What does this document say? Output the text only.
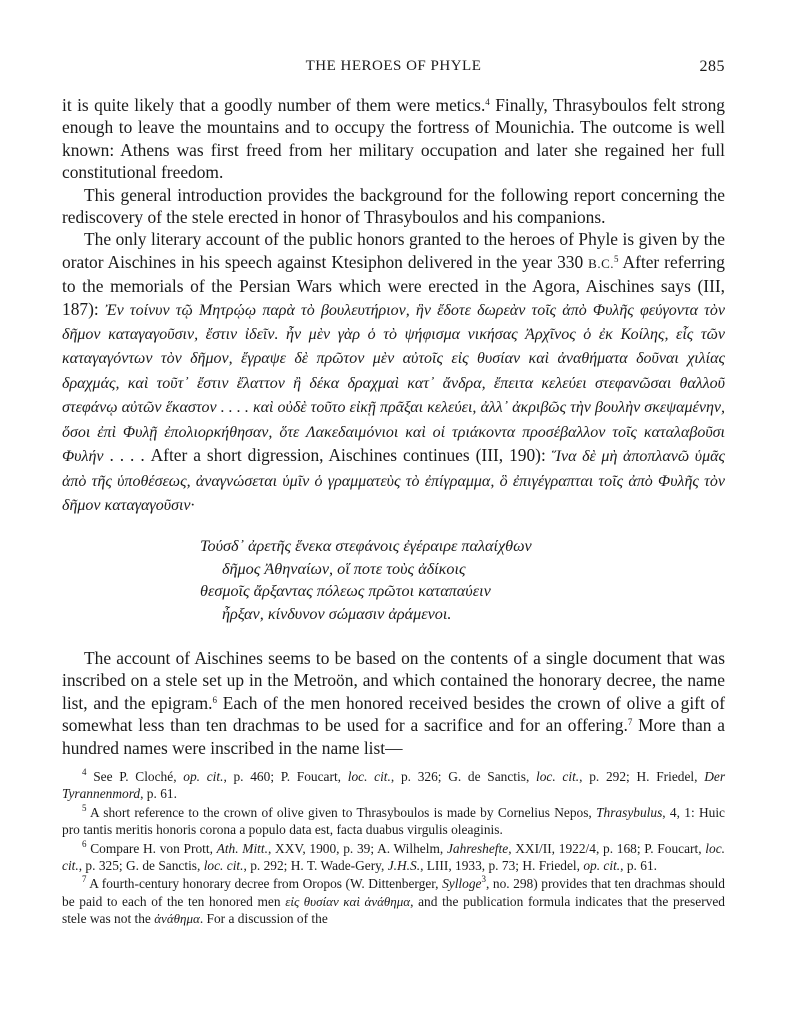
THE HEROES OF PHYLE	285

it is quite likely that a goodly number of them were metics.$^4$ Finally, Thrasyboulos felt strong enough to leave the mountains and to occupy the fortress of Mounichia. The outcome is well known: Athens was first freed from her military occupation and later she regained her full constitutional freedom.

This general introduction provides the background for the following report concerning the rediscovery of the stele erected in honor of Thrasyboulos and his companions.

The only literary account of the public honors granted to the heroes of Phyle is given by the orator Aischines in his speech against Ktesiphon delivered in the year 330 B.C.$^5$ After referring to the memorials of the Persian Wars which were erected in the Agora, Aischines says (III, 187): Ἐν τοίνυν τῷ Μητρῴῳ παρὰ τὸ βουλευτήριον, ἣν ἔδοτε δωρεὰν τοῖς ἀπὸ Φυλῆς φεύγοντα τὸν δῆμον καταγαγοῦσιν, ἔστιν ἰδεῖν. ἦν μὲν γὰρ ὁ τὸ ψήφισμα νικήσας Ἀρχῖνος ὁ ἐκ Κοίλης, εἷς τῶν καταγαγόντων τὸν δῆμον, ἔγραψε δὲ πρῶτον μὲν αὐτοῖς εἰς θυσίαν καὶ ἀναθήματα δοῦναι χιλίας δραχμάς, καὶ τοῦτ᾽ ἔστιν ἔλαττον ἢ δέκα δραχμαὶ κατ᾽ ἄνδρα, ἔπειτα κελεύει στεφανῶσαι θαλλοῦ στεφάνῳ αὐτῶν ἕκαστον . . . . καὶ οὐδὲ τοῦτο εἰκῇ πρᾶξαι κελεύει, ἀλλ᾽ ἀκριβῶς τὴν βουλὴν σκεψαμένην, ὅσοι ἐπὶ Φυλῇ ἐπολιορκήθησαν, ὅτε Λακεδαιμόνιοι καὶ οἱ τριάκοντα προσέβαλλον τοῖς καταλαβοῦσι Φυλήν . . . . After a short digression, Aischines continues (III, 190): Ἵνα δὲ μὴ ἀποπλανῶ ὑμᾶς ἀπὸ τῆς ὑποθέσεως, ἀναγνώσεται ὑμῖν ὁ γραμματεὺς τὸ ἐπίγραμμα, ὃ ἐπιγέγραπται τοῖς ἀπὸ Φυλῆς τὸν δῆμον καταγαγοῦσιν·

Τούσδ᾽ ἀρετῆς ἕνεκα στεφάνοις ἐγέραιρε παλαίχθων
δῆμος Ἀθηναίων, οἵ ποτε τοὺς ἀδίκοις
θεσμοῖς ἄρξαντας πόλεως πρῶτοι καταπαύειν
ἦρξαν, κίνδυνον σώμασιν ἀράμενοι.

The account of Aischines seems to be based on the contents of a single document that was inscribed on a stele set up in the Metroön, and which contained the honorary decree, the name list, and the epigram.$^6$ Each of the men honored received besides the crown of olive a gift of somewhat less than ten drachmas to be used for a sacrifice and for an offering.$^7$ More than a hundred names were inscribed in the name list—

$^4$ See P. Cloché, op. cit., p. 460; P. Foucart, loc. cit., p. 326; G. de Sanctis, loc. cit., p. 292; H. Friedel, Der Tyrannenmord, p. 61.

$^5$ A short reference to the crown of olive given to Thrasyboulos is made by Cornelius Nepos, Thrasybulus, 4, 1: Huic pro tantis meritis honoris corona a populo data est, facta duabus virgulis oleaginis.

$^6$ Compare H. von Prott, Ath. Mitt., XXV, 1900, p. 39; A. Wilhelm, Jahreshefte, XXI/II, 1922/4, p. 168; P. Foucart, loc. cit., p. 325; G. de Sanctis, loc. cit., p. 292; H. T. Wade-Gery, J.H.S., LIII, 1933, p. 73; H. Friedel, op. cit., p. 61.

$^7$ A fourth-century honorary decree from Oropos (W. Dittenberger, Sylloge$^3$, no. 298) provides that ten drachmas should be paid to each of the ten honored men εἰς θυσίαν καὶ ἀνάθημα, and the publication formula indicates that the preserved stele was not the ἀνάθημα. For a discussion of the
